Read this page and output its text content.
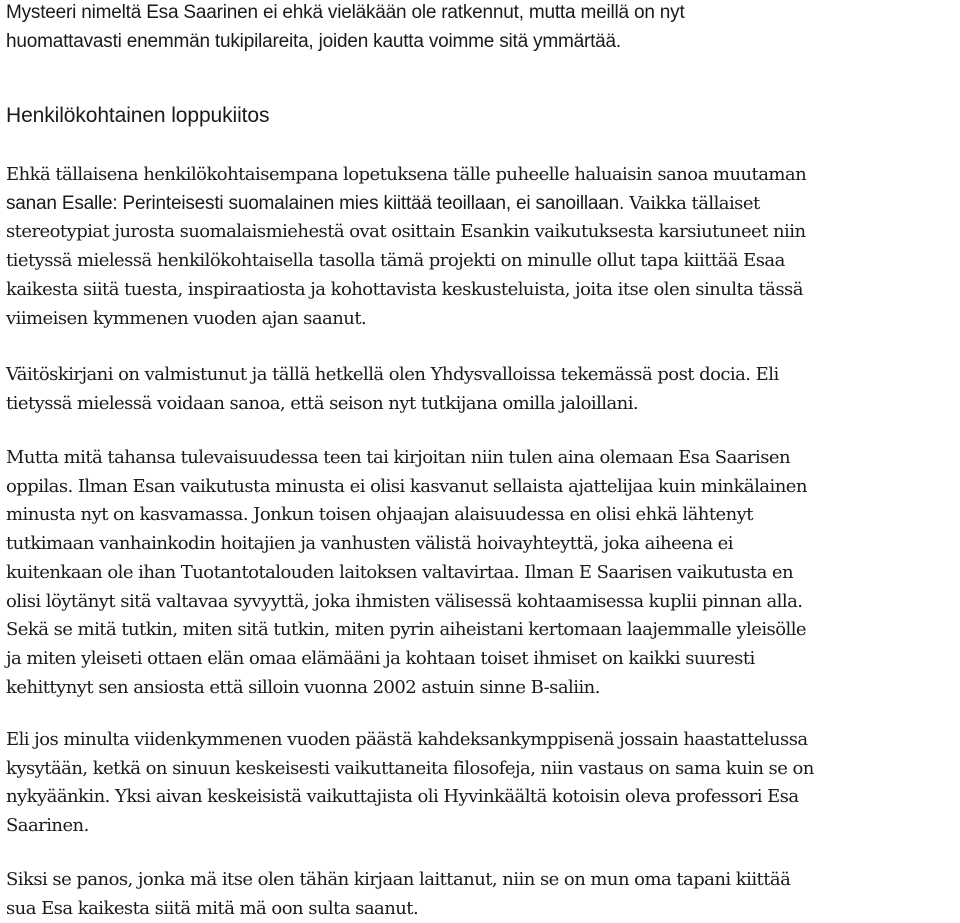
Mysteeri nimeltä Esa Saarinen ei ehkä vieläkään ole ratkennut, mutta meillä on nyt
huomattavasti enemmän tukipilareita, joiden kautta voimme sitä ymmärtää.

Henkilökohtainen loppukiitos

Ehkä tällaisena henkilökohtaisempana lopetuksena tälle puheelle haluaisin sanoa muutaman
sanan Esalle: Perinteisesti suomalainen mies kiittää teoillaan, ei sanoillaan. Vaikka tällaiset
stereotypiat jurosta suomalaismiehestä ovat osittain Esankin vaikutuksesta karsiutuneet niin
tietyssä mielessä henkilökohtaisella tasolla tämä projekti on minulle ollut tapa kiittää Esaa
kaikesta siitä tuesta, inspiraatiosta ja kohottavista keskusteluista, joita itse olen sinulta tässä
viimeisen kymmenen vuoden ajan saanut.

Väitöskirjani on valmistunut ja tällä hetkellä olen Yhdysvalloissa tekemässä post docia. Eli
tietyssä mielessä voidaan sanoa, että seison nyt tutkijana omilla jaloillani.

Mutta mitä tahansa tulevaisuudessa teen tai kirjoitan niin tulen aina olemaan Esa Saarisen
oppilas. Ilman Esan vaikutusta minusta ei olisi kasvanut sellaista ajattelijaa kuin minkälainen
minusta nyt on kasvamassa. Jonkun toisen ohjaajan alaisuudessa en olisi ehkä lähtenyt
tutkimaan vanhainkodin hoitajien ja vanhusten välistä hoivayhteyttä, joka aiheena ei
kuitenkaan ole ihan Tuotantotalouden laitoksen valtavirtaa. Ilman E Saarisen vaikutusta en
olisi löytänyt sitä valtavaa syvyyttä, joka ihmisten välisessä kohtaamisessa kuplii pinnan alla.
Sekä se mitä tutkin, miten sitä tutkin, miten pyrin aiheistani kertomaan laajemmalle yleisölle
ja miten yleiseti ottaen elän omaa elämääni ja kohtaan toiset ihmiset on kaikki suuresti
kehittynyt sen ansiosta että silloin vuonna 2002 astuin sinne B-saliin.

Eli jos minulta viidenkymmenen vuoden päästä kahdeksankymppisenä jossain haastattelussa
kysytään, ketkä on sinuun keskeisesti vaikuttaneita filosofeja, niin vastaus on sama kuin se on
nykyäänkin. Yksi aivan keskeisistä vaikuttajista oli Hyvinkäältä kotoisin oleva professori Esa
Saarinen.

Siksi se panos, jonka mä itse olen tähän kirjaan laittanut, niin se on mun oma tapani kiittää
sua Esa kaikesta siitä mitä mä oon sulta saanut.
